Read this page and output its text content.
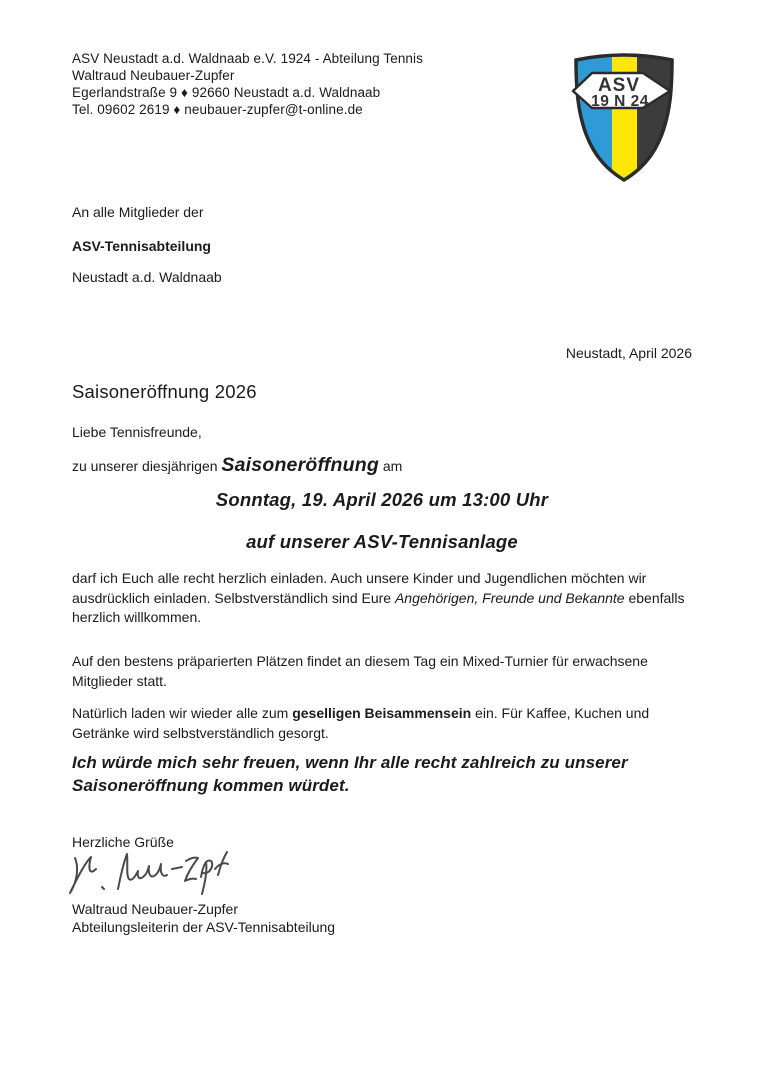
ASV Neustadt a.d. Waldnaab e.V. 1924 - Abteilung Tennis
Waltraud Neubauer-Zupfer
Egerlandstraße 9 ♦ 92660 Neustadt a.d. Waldnaab
Tel. 09602 2619 ♦ neubauer-zupfer@t-online.de
ASV
19 N 24
An alle Mitglieder der
ASV-Tennisabteilung
Neustadt a.d. Waldnaab
Neustadt, April 2026
Saisoneröffnung 2026
Liebe Tennisfreunde,
zu unserer diesjährigen Saisoneröffnung am
Sonntag, 19. April 2026 um 13:00 Uhr
auf unserer ASV-Tennisanlage
darf ich Euch alle recht herzlich einladen. Auch unsere Kinder und Jugendlichen möchten wir ausdrücklich einladen. Selbstverständlich sind Eure Angehörigen, Freunde und Bekannte ebenfalls herzlich willkommen.
Auf den bestens präparierten Plätzen findet an diesem Tag ein Mixed-Turnier für erwachsene Mitglieder statt.
Natürlich laden wir wieder alle zum geselligen Beisammensein ein. Für Kaffee, Kuchen und Getränke wird selbstverständlich gesorgt.
Ich würde mich sehr freuen, wenn Ihr alle recht zahlreich zu unserer Saisoneröffnung kommen würdet.
Herzliche Grüße
Waltraud Neubauer-Zupfer
Abteilungsleiterin der ASV-Tennisabteilung
